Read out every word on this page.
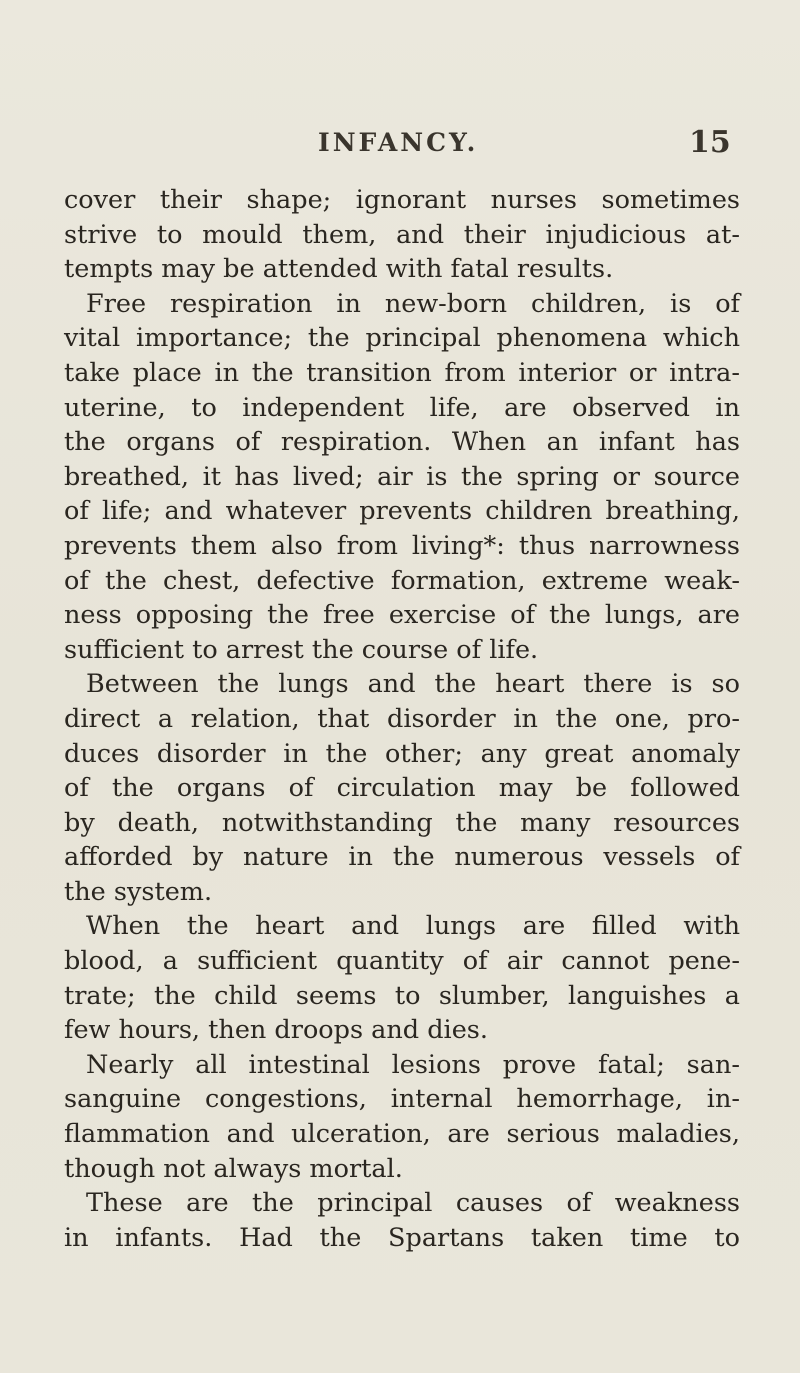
INFANCY.	15
cover their shape; ignorant nurses sometimes
strive to mould them, and their injudicious at-
tempts may be attended with fatal results.
Free respiration in new-born children, is of
vital importance; the principal phenomena which
take place in the transition from interior or intra-
uterine, to independent life, are observed in
the organs of respiration. When an infant has
breathed, it has lived; air is the spring or source
of life; and whatever prevents children breathing,
prevents them also from living*: thus narrowness
of the chest, defective formation, extreme weak-
ness opposing the free exercise of the lungs, are
sufficient to arrest the course of life.
Between the lungs and the heart there is so
direct a relation, that disorder in the one, pro-
duces disorder in the other; any great anomaly
of the organs of circulation may be followed
by death, notwithstanding the many resources
afforded by nature in the numerous vessels of
the system.
When the heart and lungs are filled with
blood, a sufficient quantity of air cannot pene-
trate; the child seems to slumber, languishes a
few hours, then droops and dies.
Nearly all intestinal lesions prove fatal; san-
sanguine congestions, internal hemorrhage, in-
flammation and ulceration, are serious maladies,
though not always mortal.
These are the principal causes of weakness
in infants. Had the Spartans taken time to
